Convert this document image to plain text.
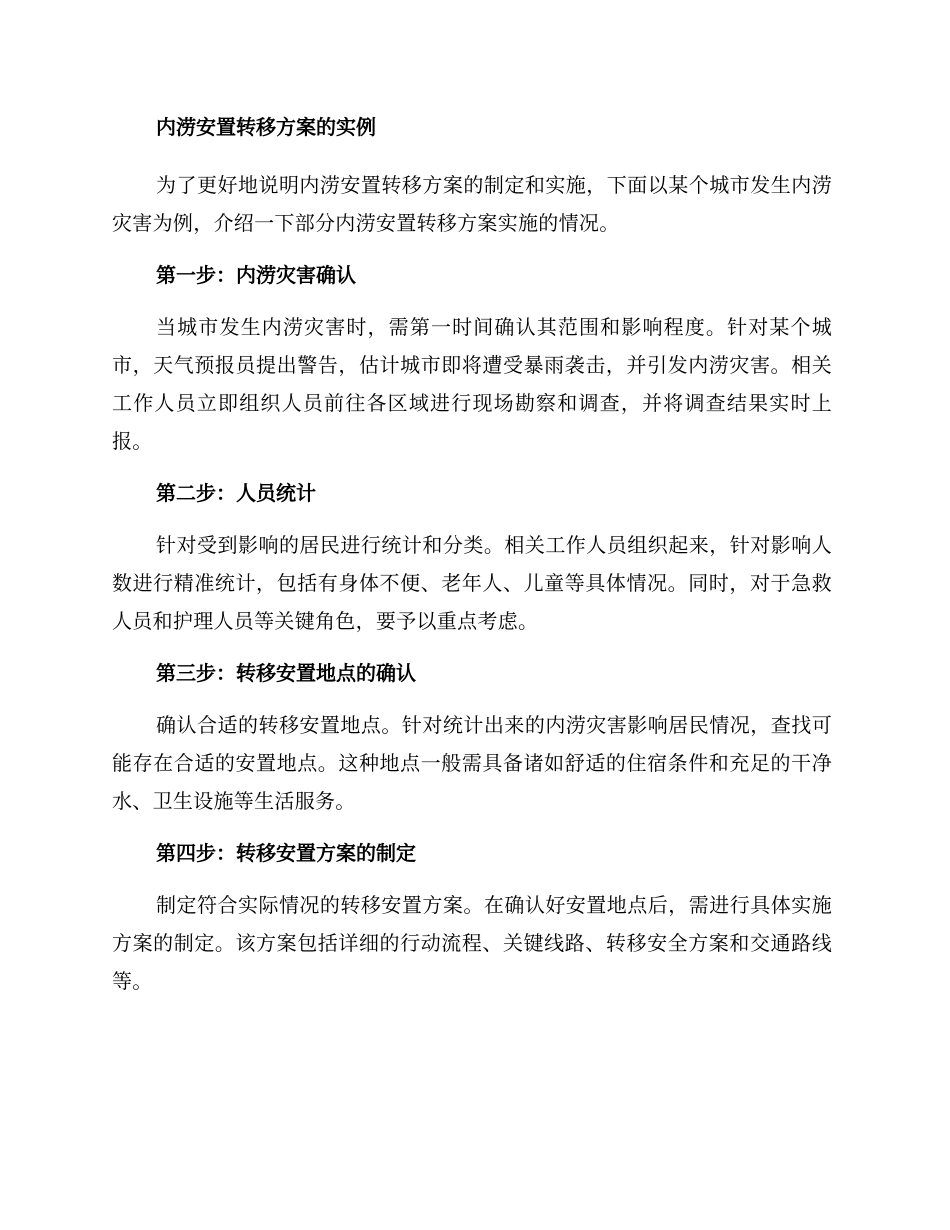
内涝安置转移方案的实例

为了更好地说明内涝安置转移方案的制定和实施，下面以某个城市发生内涝灾害为例，介绍一下部分内涝安置转移方案实施的情况。

第一步：内涝灾害确认

当城市发生内涝灾害时，需第一时间确认其范围和影响程度。针对某个城市，天气预报员提出警告，估计城市即将遭受暴雨袭击，并引发内涝灾害。相关工作人员立即组织人员前往各区域进行现场勘察和调查，并将调查结果实时上报。

第二步：人员统计

针对受到影响的居民进行统计和分类。相关工作人员组织起来，针对影响人数进行精准统计，包括有身体不便、老年人、儿童等具体情况。同时，对于急救人员和护理人员等关键角色，要予以重点考虑。

第三步：转移安置地点的确认

确认合适的转移安置地点。针对统计出来的内涝灾害影响居民情况，查找可能存在合适的安置地点。这种地点一般需具备诸如舒适的住宿条件和充足的干净水、卫生设施等生活服务。

第四步：转移安置方案的制定

制定符合实际情况的转移安置方案。在确认好安置地点后，需进行具体实施方案的制定。该方案包括详细的行动流程、关键线路、转移安全方案和交通路线等。
